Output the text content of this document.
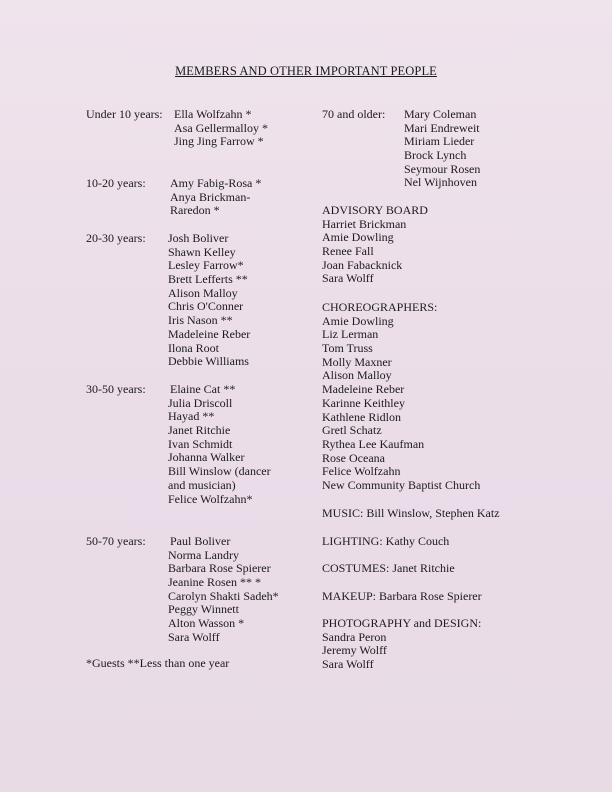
MEMBERS AND OTHER IMPORTANT PEOPLE
Under 10 years: Ella Wolfzahn *
Asa Gellermalloy *
Jing Jing Farrow *
10-20 years: Amy Fabig-Rosa *
Anya Brickman-
Raredon *
20-30 years: Josh Boliver
Shawn Kelley
Lesley Farrow*
Brett Lefferts **
Alison Malloy
Chris O'Conner
Iris Nason **
Madeleine Reber
Ilona Root
Debbie Williams
30-50 years: Elaine Cat **
Julia Driscoll
Hayad **
Janet Ritchie
Ivan Schmidt
Johanna Walker
Bill Winslow (dancer
and musician)
Felice Wolfzahn*
50-70 years: Paul Boliver
Norma Landry
Barbara Rose Spierer
Jeanine Rosen ** *
Carolyn Shakti Sadeh*
Peggy Winnett
Alton Wasson *
Sara Wolff
*Guests **Less than one year
70 and older: Mary Coleman
Mari Endreweit
Miriam Lieder
Brock Lynch
Seymour Rosen
Nel Wijnhoven
ADVISORY BOARD
Harriet Brickman
Amie Dowling
Renee Fall
Joan Fabacknick
Sara Wolff
CHOREOGRAPHERS:
Amie Dowling
Liz Lerman
Tom Truss
Molly Maxner
Alison Malloy
Madeleine Reber
Karinne Keithley
Kathlene Ridlon
Gretl Schatz
Rythea Lee Kaufman
Rose Oceana
Felice Wolfzahn
New Community Baptist Church
MUSIC: Bill Winslow, Stephen Katz
LIGHTING: Kathy Couch
COSTUMES: Janet Ritchie
MAKEUP: Barbara Rose Spierer
PHOTOGRAPHY and DESIGN:
Sandra Peron
Jeremy Wolff
Sara Wolff
